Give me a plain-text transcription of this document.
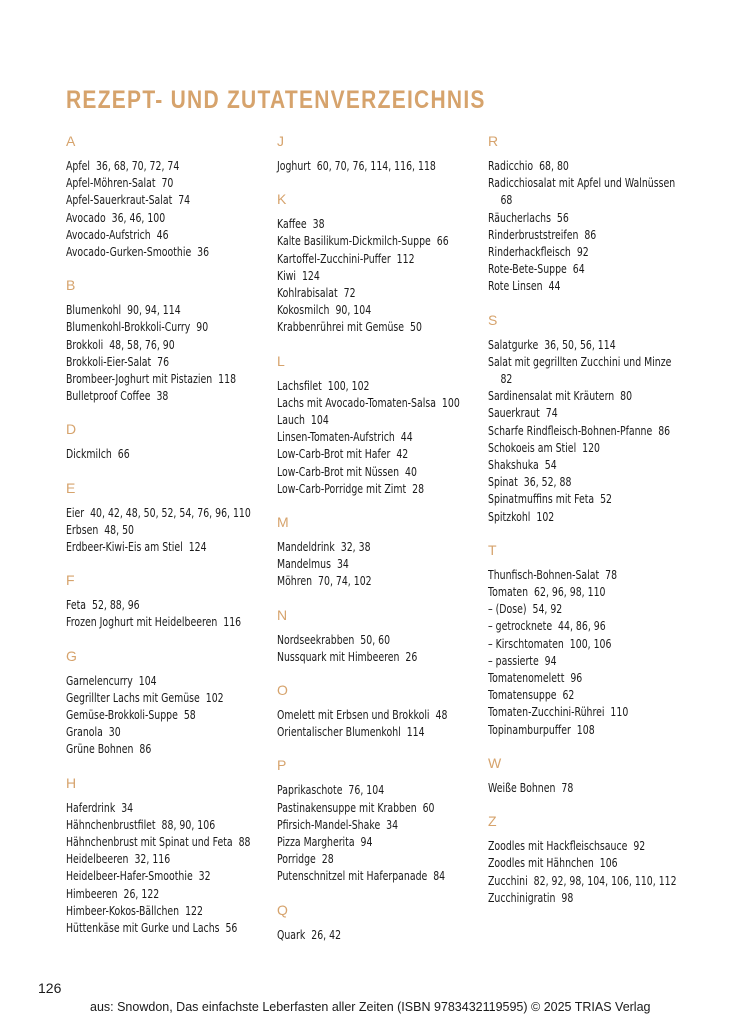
REZEPT- UND ZUTATENVERZEICHNIS
A
Apfel 36, 68, 70, 72, 74
Apfel-Möhren-Salat 70
Apfel-Sauerkraut-Salat 74
Avocado 36, 46, 100
Avocado-Aufstrich 46
Avocado-Gurken-Smoothie 36
B
Blumenkohl 90, 94, 114
Blumenkohl-Brokkoli-Curry 90
Brokkoli 48, 58, 76, 90
Brokkoli-Eier-Salat 76
Brombeer-Joghurt mit Pistazien 118
Bulletproof Coffee 38
D
Dickmilch 66
E
Eier 40, 42, 48, 50, 52, 54, 76, 96, 110
Erbsen 48, 50
Erdbeer-Kiwi-Eis am Stiel 124
F
Feta 52, 88, 96
Frozen Joghurt mit Heidelbeeren 116
G
Garnelencurry 104
Gegrillter Lachs mit Gemüse 102
Gemüse-Brokkoli-Suppe 58
Granola 30
Grüne Bohnen 86
H
Haferdrink 34
Hähnchenbrustfilet 88, 90, 106
Hähnchenbrust mit Spinat und Feta 88
Heidelbeeren 32, 116
Heidelbeer-Hafer-Smoothie 32
Himbeeren 26, 122
Himbeer-Kokos-Bällchen 122
Hüttenkäse mit Gurke und Lachs 56
J
Joghurt 60, 70, 76, 114, 116, 118
K
Kaffee 38
Kalte Basilikum-Dickmilch-Suppe 66
Kartoffel-Zucchini-Puffer 112
Kiwi 124
Kohlrabisalat 72
Kokosmilch 90, 104
Krabbenrührei mit Gemüse 50
L
Lachsfilet 100, 102
Lachs mit Avocado-Tomaten-Salsa 100
Lauch 104
Linsen-Tomaten-Aufstrich 44
Low-Carb-Brot mit Hafer 42
Low-Carb-Brot mit Nüssen 40
Low-Carb-Porridge mit Zimt 28
M
Mandeldrink 32, 38
Mandelmus 34
Möhren 70, 74, 102
N
Nordseekrabben 50, 60
Nussquark mit Himbeeren 26
O
Omelett mit Erbsen und Brokkoli 48
Orientalischer Blumenkohl 114
P
Paprikaschote 76, 104
Pastinakensuppe mit Krabben 60
Pfirsich-Mandel-Shake 34
Pizza Margherita 94
Porridge 28
Putenschnitzel mit Haferpanade 84
Q
Quark 26, 42
R
Radicchio 68, 80
Radicchiosalat mit Apfel und Walnüssen
68
Räucherlachs 56
Rinderbruststreifen 86
Rinderhackfleisch 92
Rote-Bete-Suppe 64
Rote Linsen 44
S
Salatgurke 36, 50, 56, 114
Salat mit gegrillten Zucchini und Minze
82
Sardinensalat mit Kräutern 80
Sauerkraut 74
Scharfe Rindfleisch-Bohnen-Pfanne 86
Schokoeis am Stiel 120
Shakshuka 54
Spinat 36, 52, 88
Spinatmuffins mit Feta 52
Spitzkohl 102
T
Thunfisch-Bohnen-Salat 78
Tomaten 62, 96, 98, 110
– (Dose) 54, 92
– getrocknete 44, 86, 96
– Kirschtomaten 100, 106
– passierte 94
Tomatenomelett 96
Tomatensuppe 62
Tomaten-Zucchini-Rührei 110
Topinamburpuffer 108
W
Weiße Bohnen 78
Z
Zoodles mit Hackfleischsauce 92
Zoodles mit Hähnchen 106
Zucchini 82, 92, 98, 104, 106, 110, 112
Zucchinigratin 98
126
aus: Snowdon, Das einfachste Leberfasten aller Zeiten (ISBN 9783432119595) © 2025 TRIAS Verlag
